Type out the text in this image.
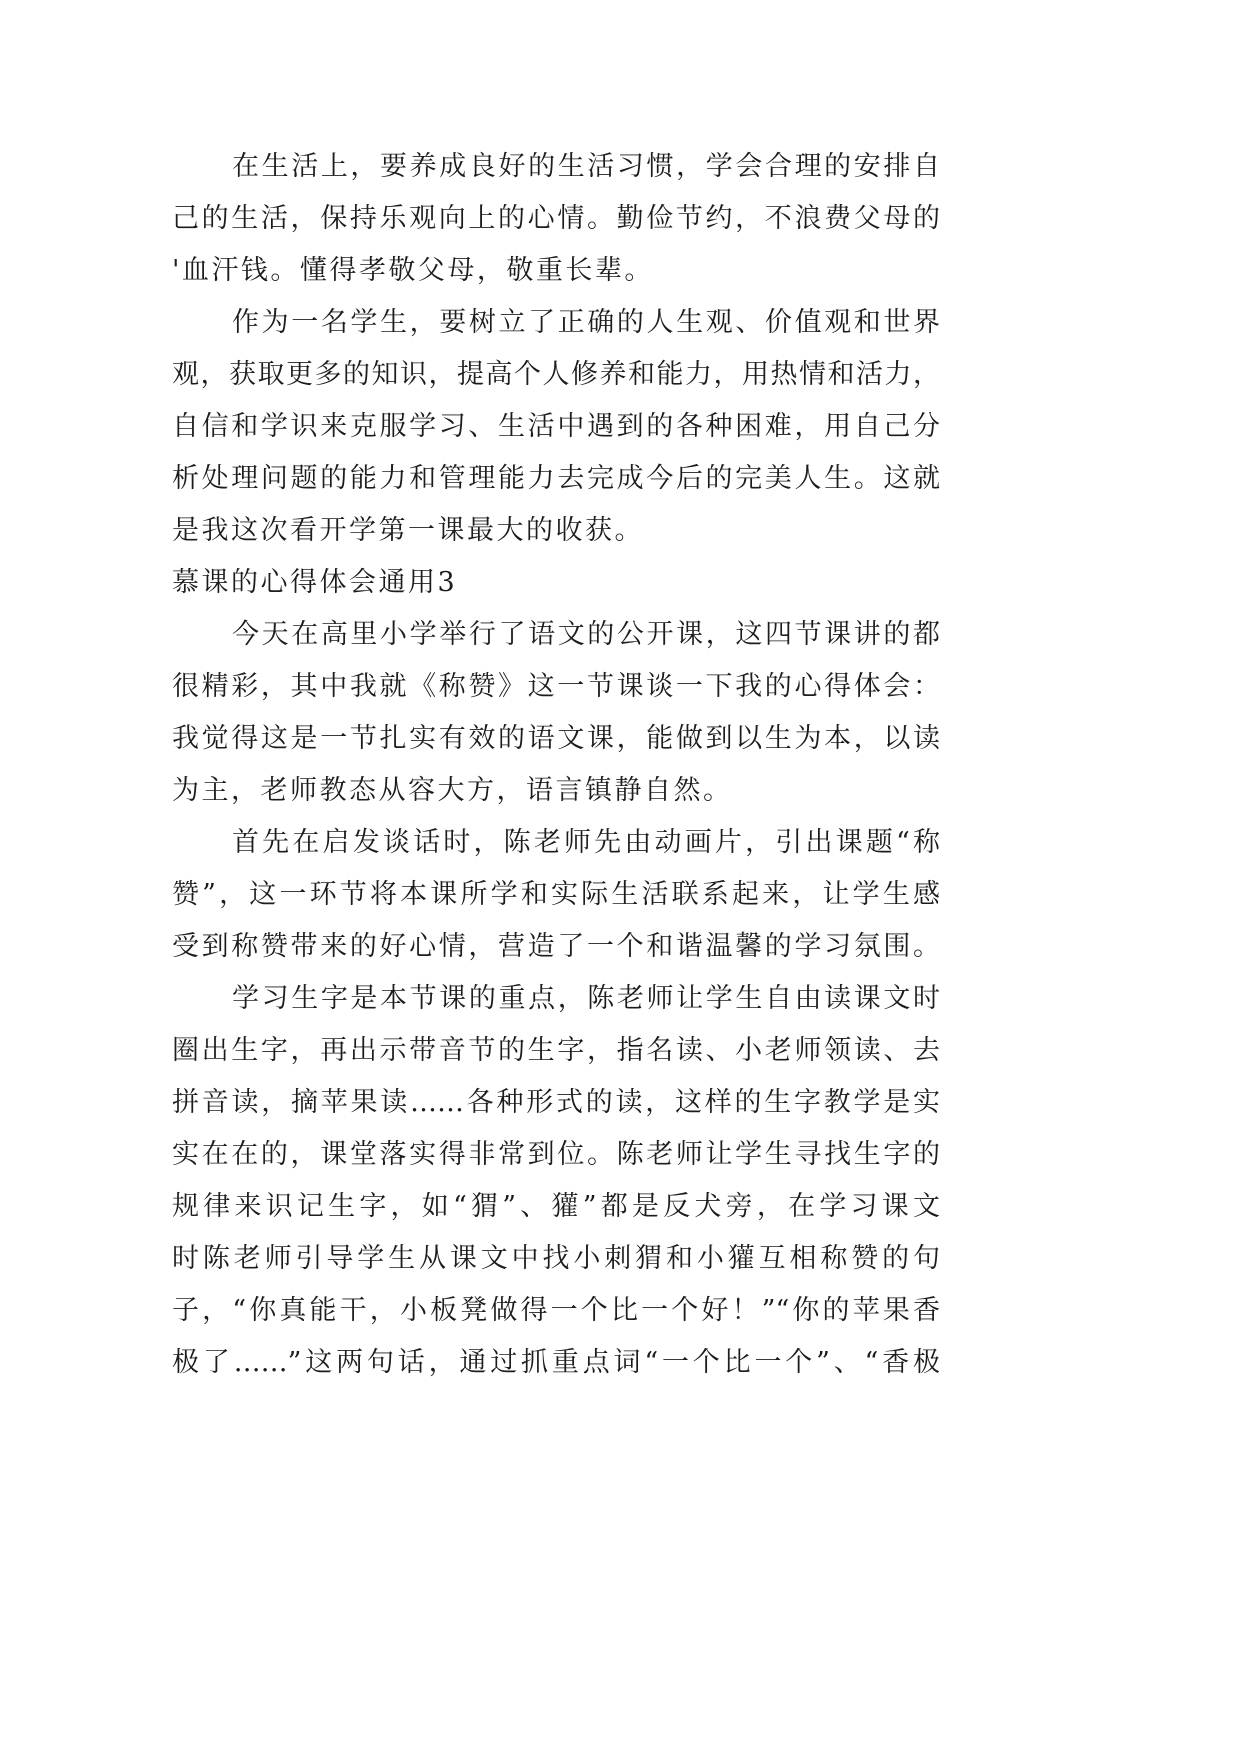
在生活上，要养成良好的生活习惯，学会合理的安排自
己的生活，保持乐观向上的心情。勤俭节约，不浪费父母的
'血汗钱。懂得孝敬父母，敬重长辈。
作为一名学生，要树立了正确的人生观、价值观和世界
观，获取更多的知识，提高个人修养和能力，用热情和活力，
自信和学识来克服学习、生活中遇到的各种困难，用自己分
析处理问题的能力和管理能力去完成今后的完美人生。这就
是我这次看开学第一课最大的收获。
慕课的心得体会通用3
今天在高里小学举行了语文的公开课，这四节课讲的都
很精彩，其中我就《称赞》这一节课谈一下我的心得体会：
我觉得这是一节扎实有效的语文课，能做到以生为本，以读
为主，老师教态从容大方，语言镇静自然。
首先在启发谈话时，陈老师先由动画片，引出课题“称
赞”，这一环节将本课所学和实际生活联系起来，让学生感
受到称赞带来的好心情，营造了一个和谐温馨的学习氛围。
学习生字是本节课的重点，陈老师让学生自由读课文时
圈出生字，再出示带音节的生字，指名读、小老师领读、去
拼音读，摘苹果读……各种形式的读，这样的生字教学是实
实在在的，课堂落实得非常到位。陈老师让学生寻找生字的
规律来识记生字，如“猬”、獾”都是反犬旁，在学习课文
时陈老师引导学生从课文中找小刺猬和小獾互相称赞的句
子，“你真能干，小板凳做得一个比一个好！”“你的苹果香
极了……”这两句话，通过抓重点词“一个比一个”、“香极
